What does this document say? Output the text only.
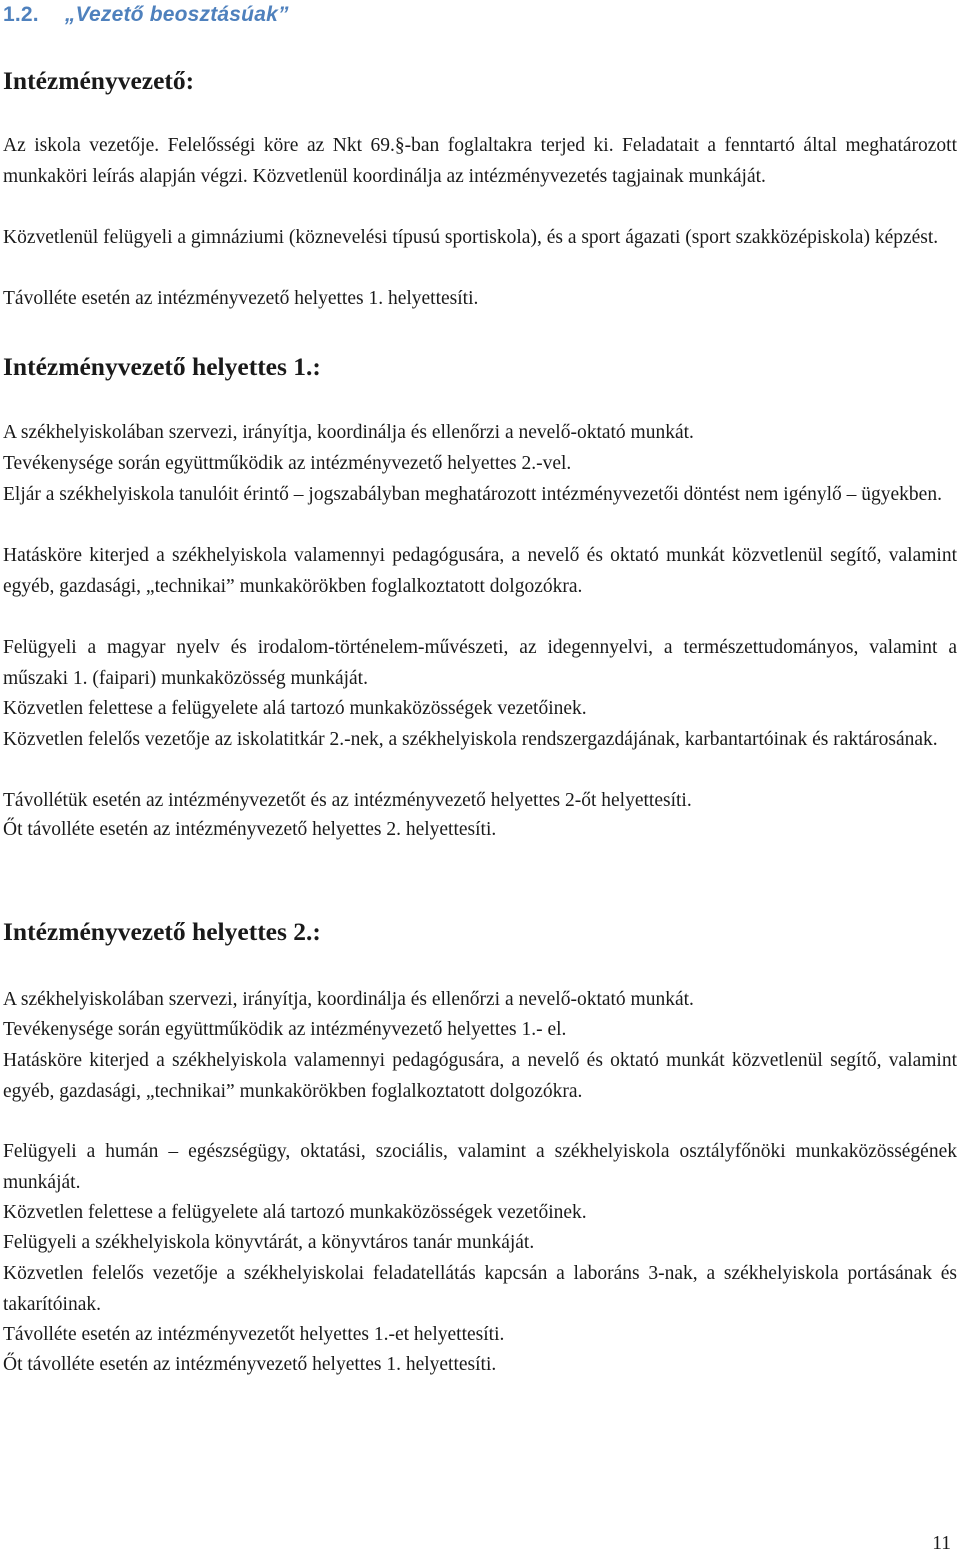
1.2. „Vezető beosztásúak”
Intézményvezető:

Az iskola vezetője. Felelősségi köre az Nkt 69.§-ban foglaltakra terjed ki. Feladatait a fenntartó által meghatározott munkaköri leírás alapján végzi. Közvetlenül koordinálja az intézményvezetés tagjainak munkáját.

Közvetlenül felügyeli a gimnáziumi (köznevelési típusú sportiskola), és a sport ágazati (sport szakközépiskola) képzést.

Távolléte esetén az intézményvezető helyettes 1. helyettesíti.

Intézményvezető helyettes 1.:

A székhelyiskolában szervezi, irányítja, koordinálja és ellenőrzi a nevelő-oktató munkát.

Tevékenysége során együttműködik az intézményvezető helyettes 2.-vel.

Eljár a székhelyiskola tanulóit érintő – jogszabályban meghatározott intézményvezetői döntést nem igénylő – ügyekben.

Hatásköre kiterjed a székhelyiskola valamennyi pedagógusára, a nevelő és oktató munkát közvetlenül segítő, valamint egyéb, gazdasági, „technikai” munkakörökben foglalkoztatott dolgozókra.

Felügyeli a magyar nyelv és irodalom-történelem-művészeti, az idegennyelvi, a természettudományos, valamint a műszaki 1. (faipari) munkaközösség munkáját.

Közvetlen felettese a felügyelete alá tartozó munkaközösségek vezetőinek.

Közvetlen felelős vezetője az iskolatitkár 2.-nek, a székhelyiskola rendszergazdájának, karbantartóinak és raktárosának.

Távollétük esetén az intézményvezetőt és az intézményvezető helyettes 2-őt helyettesíti.

Őt távolléte esetén az intézményvezető helyettes 2. helyettesíti.

Intézményvezető helyettes 2.:

A székhelyiskolában szervezi, irányítja, koordinálja és ellenőrzi a nevelő-oktató munkát.

Tevékenysége során együttműködik az intézményvezető helyettes 1.- el.

Hatásköre kiterjed a székhelyiskola valamennyi pedagógusára, a nevelő és oktató munkát közvetlenül segítő, valamint egyéb, gazdasági, „technikai” munkakörökben foglalkoztatott dolgozókra.

Felügyeli a humán – egészségügy, oktatási, szociális, valamint a székhelyiskola osztályfőnöki munkaközösségének munkáját.

Közvetlen felettese a felügyelete alá tartozó munkaközösségek vezetőinek.

Felügyeli a székhelyiskola könyvtárát, a könyvtáros tanár munkáját.

Közvetlen felelős vezetője a székhelyiskolai feladatellátás kapcsán a laboráns 3-nak, a székhelyiskola portásának és takarítóinak.

Távolléte esetén az intézményvezetőt helyettes 1.-et helyettesíti.

Őt távolléte esetén az intézményvezető helyettes 1. helyettesíti.

11
